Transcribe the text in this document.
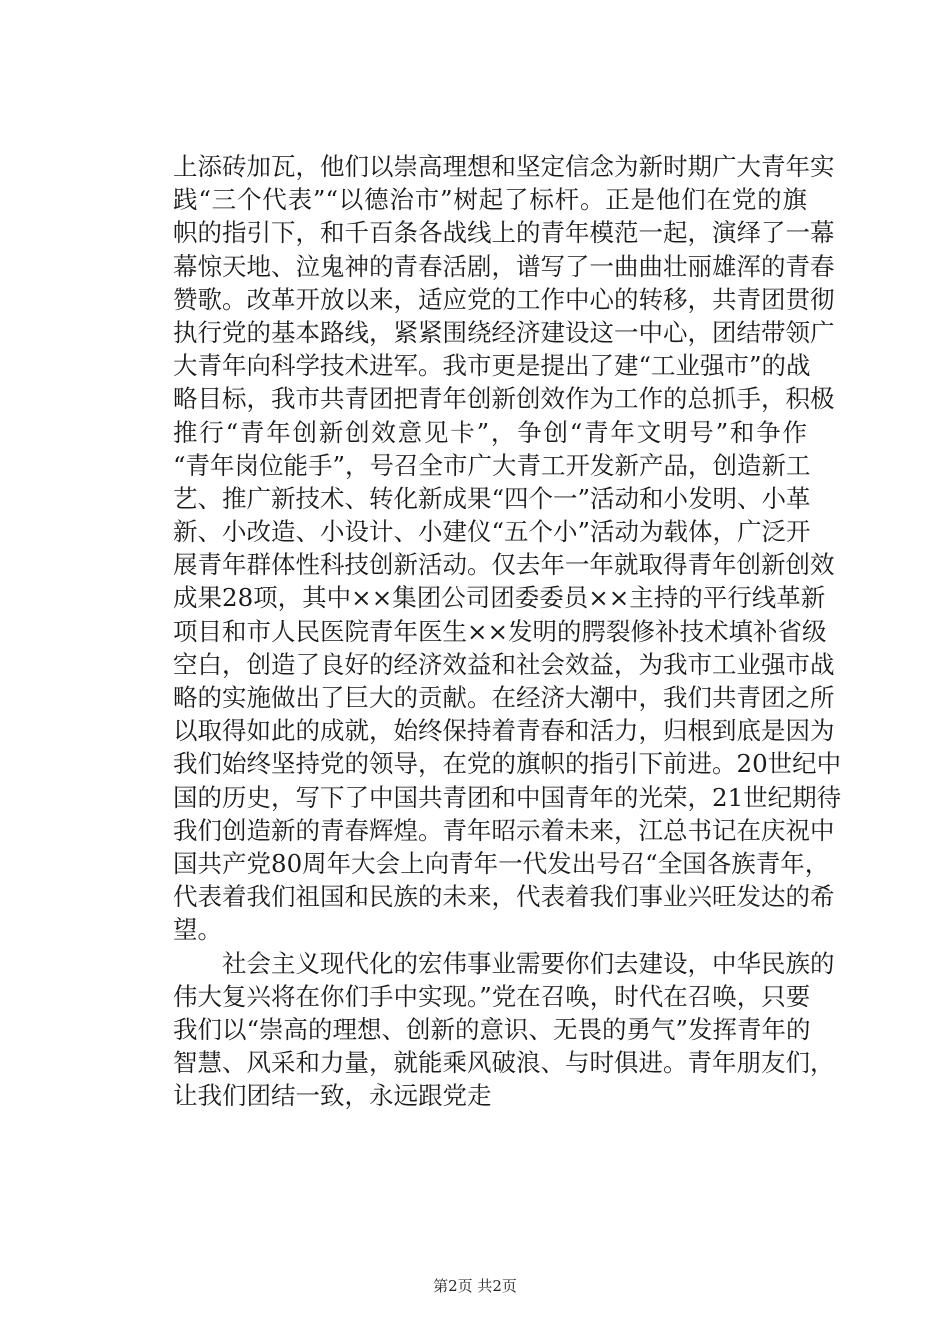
上添砖加瓦，他们以崇高理想和坚定信念为新时期广大青年实
践“三个代表”“以德治市”树起了标杆。正是他们在党的旗
帜的指引下，和千百条各战线上的青年模范一起，演绎了一幕
幕惊天地、泣鬼神的青春活剧，谱写了一曲曲壮丽雄浑的青春
赞歌。改革开放以来，适应党的工作中心的转移，共青团贯彻
执行党的基本路线，紧紧围绕经济建设这一中心，团结带领广
大青年向科学技术进军。我市更是提出了建“工业强市”的战
略目标，我市共青团把青年创新创效作为工作的总抓手，积极
推行“青年创新创效意见卡”，争创“青年文明号”和争作
“青年岗位能手”，号召全市广大青工开发新产品，创造新工
艺、推广新技术、转化新成果“四个一”活动和小发明、小革
新、小改造、小设计、小建仪“五个小”活动为载体，广泛开
展青年群体性科技创新活动。仅去年一年就取得青年创新创效
成果28项，其中××集团公司团委委员××主持的平行线革新
项目和市人民医院青年医生××发明的腭裂修补技术填补省级
空白，创造了良好的经济效益和社会效益，为我市工业强市战
略的实施做出了巨大的贡献。在经济大潮中，我们共青团之所
以取得如此的成就，始终保持着青春和活力，归根到底是因为
我们始终坚持党的领导，在党的旗帜的指引下前进。20世纪中
国的历史，写下了中国共青团和中国青年的光荣，21世纪期待
我们创造新的青春辉煌。青年昭示着未来，江总书记在庆祝中
国共产党80周年大会上向青年一代发出号召“全国各族青年，
代表着我们祖国和民族的未来，代表着我们事业兴旺发达的希
望。
社会主义现代化的宏伟事业需要你们去建设，中华民族的
伟大复兴将在你们手中实现。”党在召唤，时代在召唤，只要
我们以“崇高的理想、创新的意识、无畏的勇气”发挥青年的
智慧、风采和力量，就能乘风破浪、与时俱进。青年朋友们，
让我们团结一致，永远跟党走
第2页 共2页
